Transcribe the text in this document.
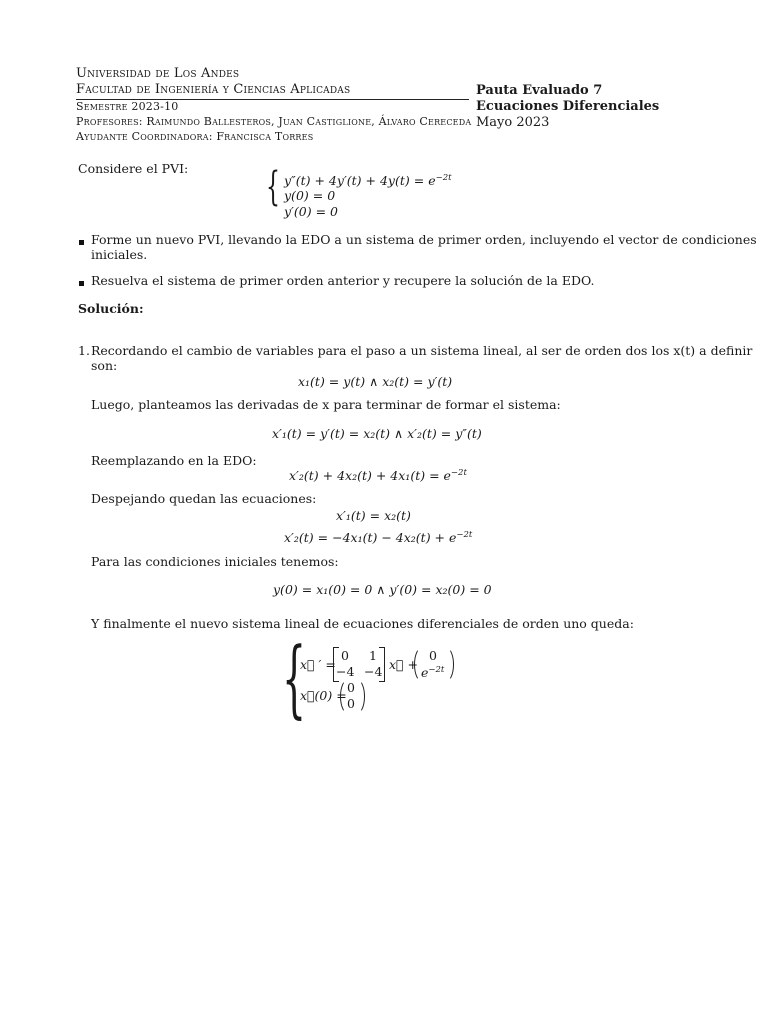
Universidad de Los Andes
Facultad de Ingeniería y Ciencias Aplicadas
Semestre 2023-10
Profesores: Raimundo Ballesteros, Juan Castiglione, Álvaro Cereceda
Ayudante Coordinadora: Francisca Torres
Pauta Evaluado 7
Ecuaciones Diferenciales
Mayo 2023
Considere el PVI: { $y''(t) + 4y'(t) + 4y(t) = e^{-2t}$
y(0) = 0
y′(0) = 0
Forme un nuevo PVI, llevando la EDO a un sistema de primer orden, incluyendo el vector de condiciones
iniciales.
Resuelva el sistema de primer orden anterior y recupere la solución de la EDO.
Solución:
1. Recordando el cambio de variables para el paso a un sistema lineal, al ser de orden dos los x(t) a definir
son:
x₁(t) = y(t) ∧ x₂(t) = y′(t)
Luego, planteamos las derivadas de x para terminar de formar el sistema:
x′₁(t) = y′(t) = x₂(t) ∧ x′₂(t) = y″(t)
Reemplazando en la EDO:
$x'_2(t) + 4x_2(t) + 4x_1(t) = e^{-2t}$
Despejando quedan las ecuaciones:
x′₁(t) = x₂(t)
$x'_2(t) = -4x_1(t) - 4x_2(t) + e^{-2t}$
Para las condiciones iniciales tenemos:
y(0) = x₁(0) = 0 ∧ y′(0) = x₂(0) = 0
Y finalmente el nuevo sistema lineal de ecuaciones diferenciales de orden uno queda:
{
x⃗ ′ =
0 1
−4 −4 x⃗ +
0
$e^{-2t}$
x⃗(0) =
0
0
